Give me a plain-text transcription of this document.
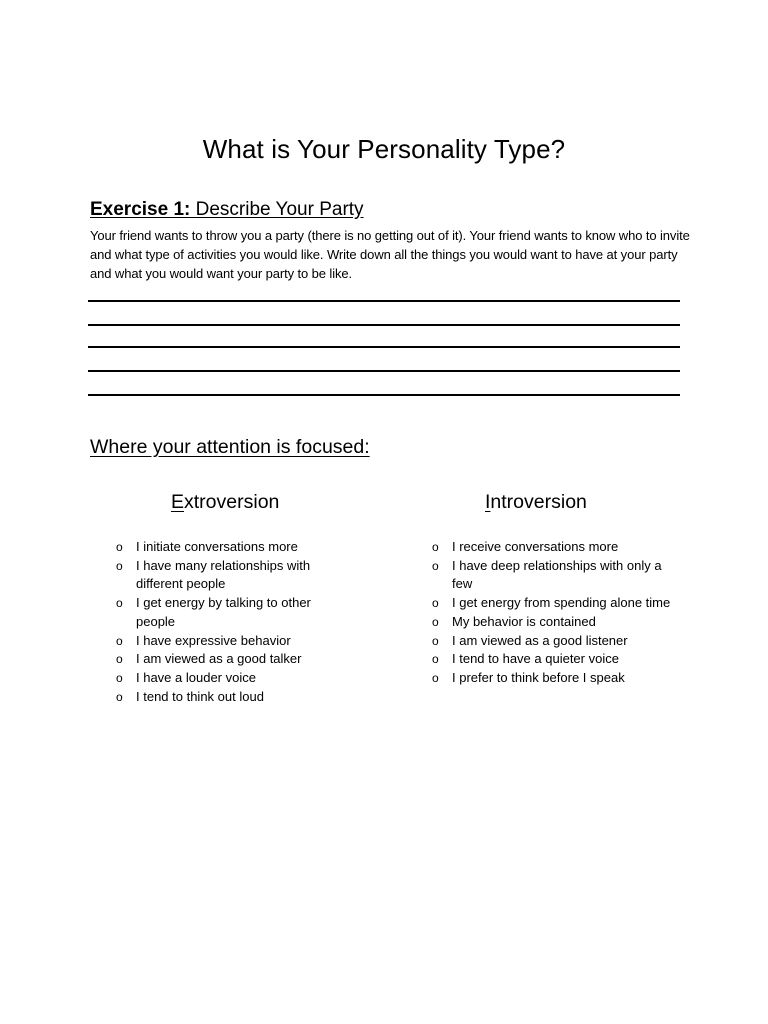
What is Your Personality Type?
Exercise 1: Describe Your Party
Your friend wants to throw you a party (there is no getting out of it). Your friend wants to know who to invite and what type of activities you would like. Write down all the things you would want to have at your party and what you would want your party to be like.
Where your attention is focused:
Extroversion	Introversion
o I initiate conversations more
o I have many relationships with different people
o I get energy by talking to other people
o I have expressive behavior
o I am viewed as a good talker
o I have a louder voice
o I tend to think out loud
o I receive conversations more
o I have deep relationships with only a few
o I get energy from spending alone time
o My behavior is contained
o I am viewed as a good listener
o I tend to have a quieter voice
o I prefer to think before I speak
